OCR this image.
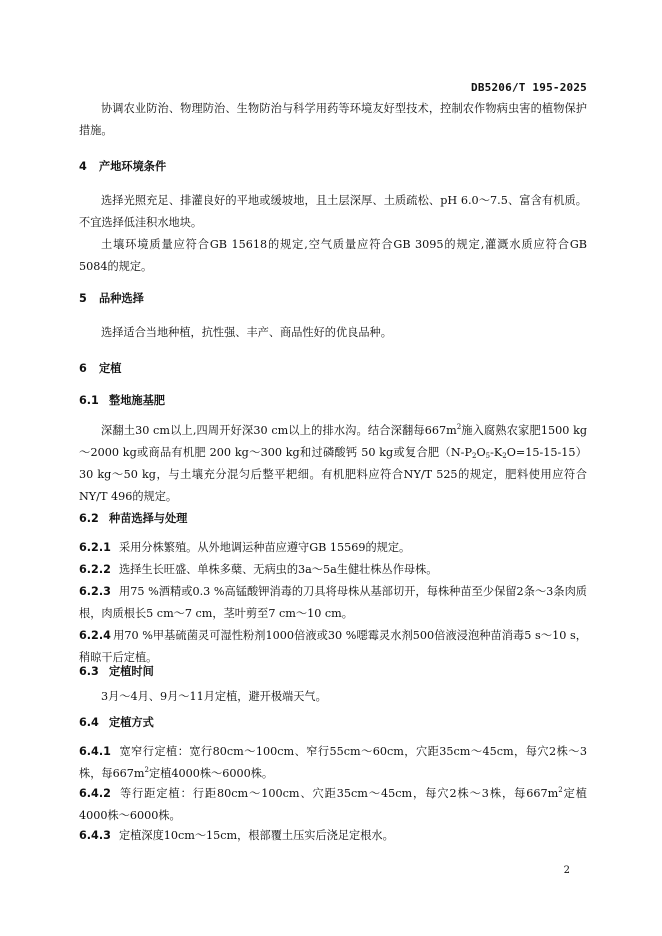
DB5206/T 195-2025
协调农业防治、物理防治、生物防治与科学用药等环境友好型技术，控制农作物病虫害的植物保护措施。
4 产地环境条件
选择光照充足、排灌良好的平地或缓坡地，且土层深厚、土质疏松、pH 6.0～7.5、富含有机质。不宜选择低洼积水地块。
土壤环境质量应符合GB 15618的规定,空气质量应符合GB 3095的规定,灌溉水质应符合GB 5084的规定。
5 品种选择
选择适合当地种植，抗性强、丰产、商品性好的优良品种。
6 定植
6.1 整地施基肥
深翻土30 cm以上,四周开好深30 cm以上的排水沟。结合深翻每$667m^2$施入腐熟农家肥1500 kg～2000 kg或商品有机肥 200 kg～300 kg和过磷酸钙 50 kg或复合肥$(N-P_2O_5-K_2O=15-15-15)30$ kg～50 kg，与土壤充分混匀后整平耙细。有机肥料应符合NY/T 525的规定，肥料使用应符合NY/T 496的规定。
6.2 种苗选择与处理
6.2.1 采用分株繁殖。从外地调运种苗应遵守GB 15569的规定。
6.2.2 选择生长旺盛、单株多蘖、无病虫的3a～5a生健壮株丛作母株。
6.2.3 用75 %酒精或0.3 %高锰酸钾消毒的刀具将母株从基部切开，每株种苗至少保留2条～3条肉质根，肉质根长5 cm～7 cm，茎叶剪至7 cm～10 cm。
6.2.4 用70 %甲基硫菌灵可湿性粉剂1000倍液或30 %噁霉灵水剂500倍液浸泡种苗消毒5 s～10 s，稍晾干后定植。
6.3 定植时间
3月～4月、9月～11月定植，避开极端天气。
6.4 定植方式
6.4.1 宽窄行定植：宽行80cm～100cm、窄行55cm～60cm，穴距35cm～45cm，每穴2株～3株，每$667m^2$定植4000株～6000株。
6.4.2 等行距定植：行距80cm～100cm、穴距35cm～45cm，每穴2株～3株，每$667m^2$定植4000株～6000株。
6.4.3 定植深度10cm～15cm，根部覆土压实后浇足定根水。
2
